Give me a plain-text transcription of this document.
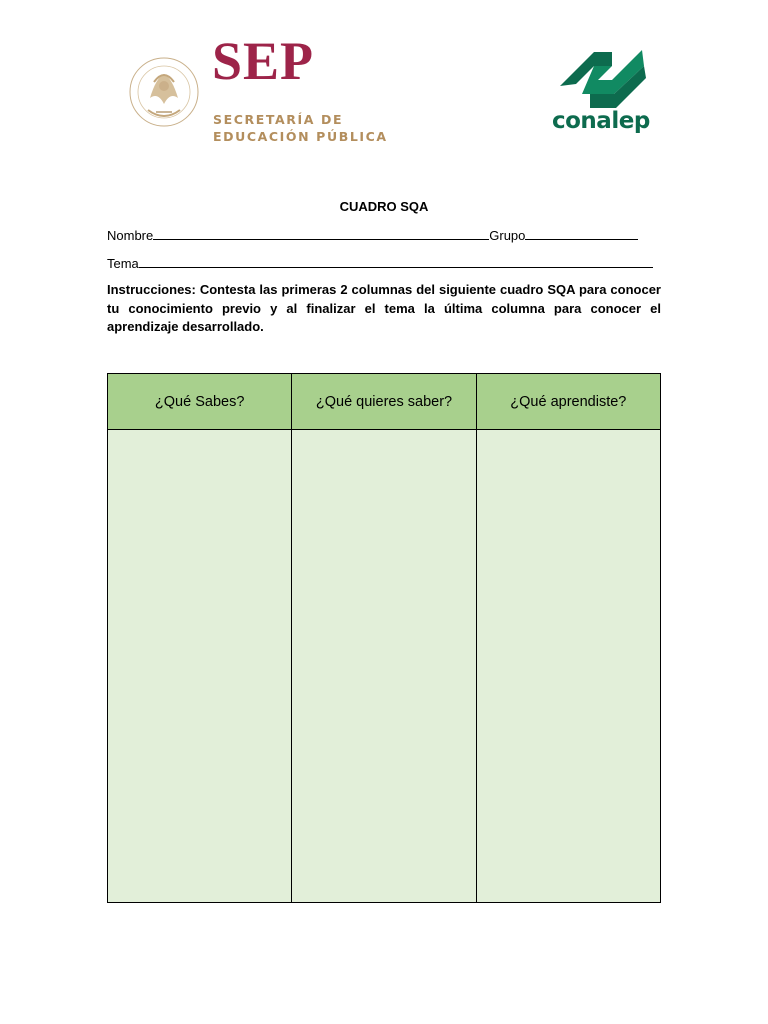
SEP
SECRETARÍA DE
EDUCACIÓN PÚBLICA
conalep
CUADRO SQA
Nombre	Grupo
Tema
Instrucciones: Contesta las primeras 2 columnas del siguiente cuadro SQA para conocer tu conocimiento previo y al finalizar el tema la última columna para conocer el aprendizaje desarrollado.
¿Qué Sabes?	¿Qué quieres saber?	¿Qué aprendiste?
